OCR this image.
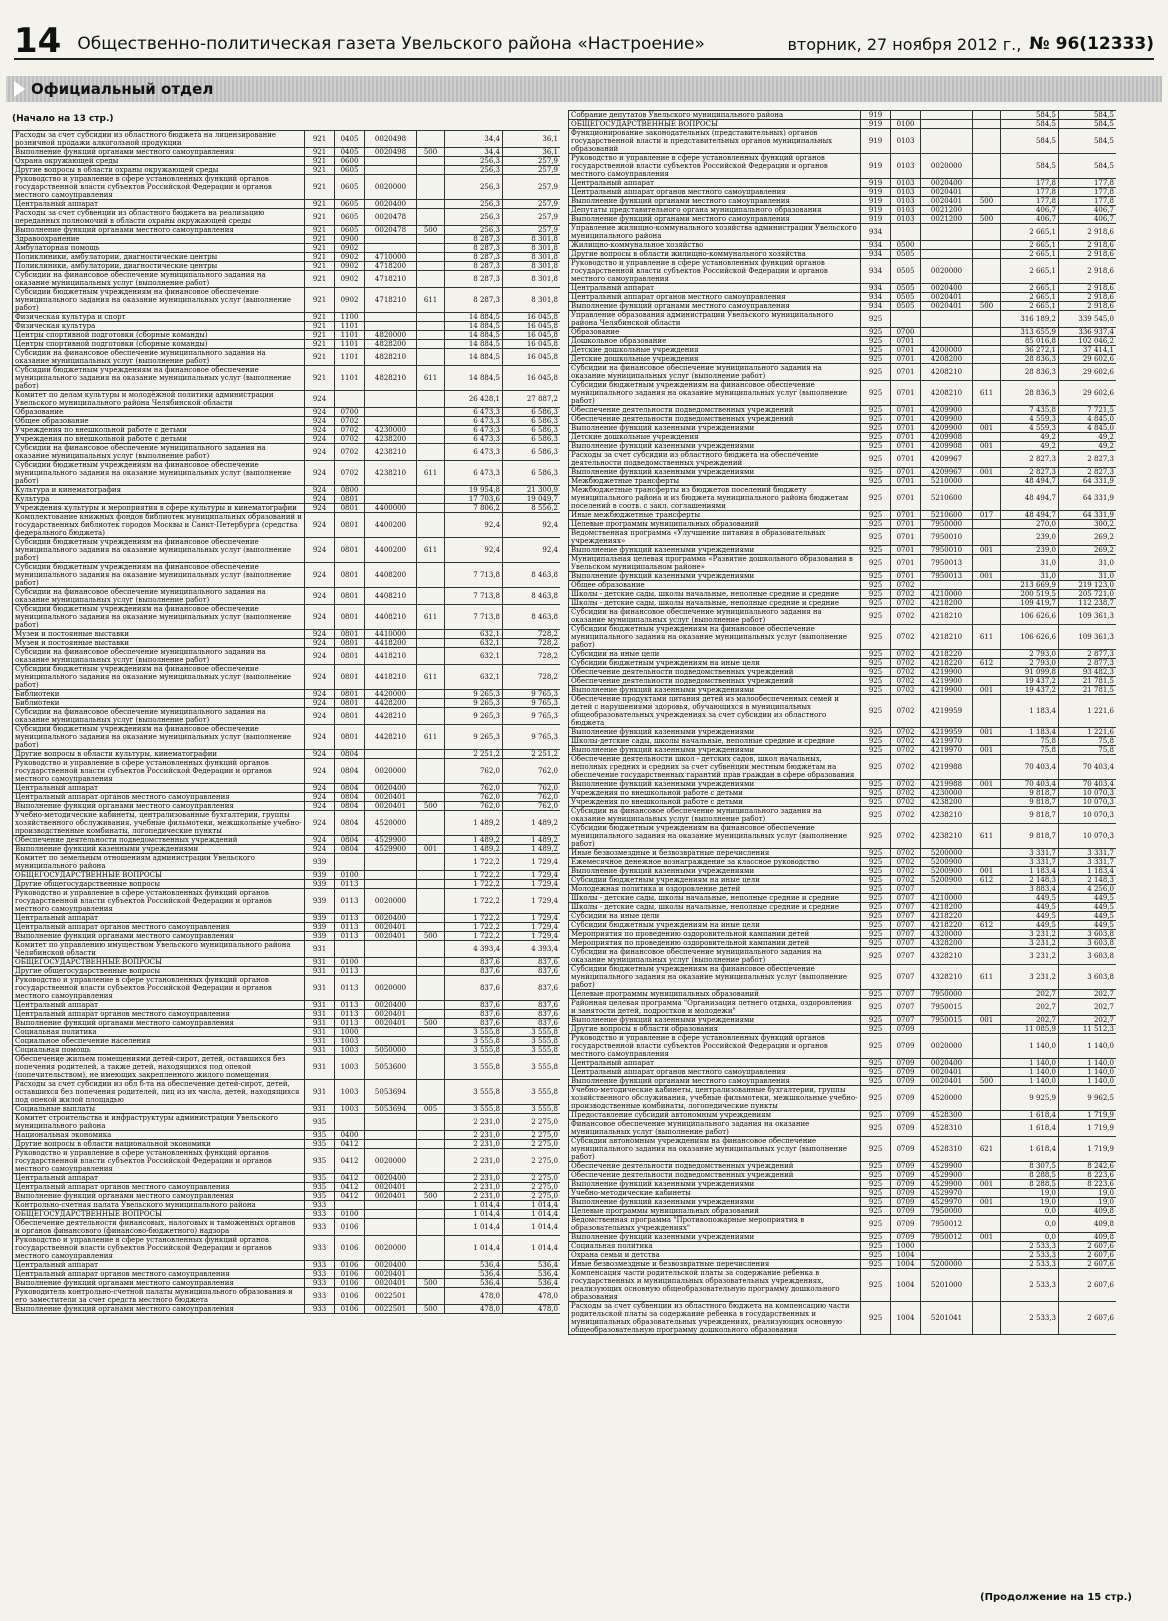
14 Общественно-политическая газета Увельского района «Настроение»	вторник, 27 ноября 2012 г., № 96(12333)
Официальный отдел
(Начало на 13 стр.)
Расходы за счет субсидии из областного бюджета на лицензирование розничной продажи алкогольной продукции	921	0405	0020498		34,4	36,1
Выполнение функций органами местного самоуправления	921	0405	0020498	500	34,4	36,1
Охрана окружающей среды	921	0600			256,3	257,9
Другие вопросы в области охраны окружающей среды	921	0605			256,3	257,9
Руководство и управление в сфере установленных функций органов государственной власти субъектов Российской Федерации и органов местного самоуправления	921	0605	0020000		256,3	257,9
Центральный аппарат	921	0605	0020400		256,3	257,9
Расходы за счет субвенции из областного бюджета на реализацию переданных полномочий в области охраны окружающей среды	921	0605	0020478		256,3	257,9
Выполнение функций органами местного самоуправления	921	0605	0020478	500	256,3	257,9
Здравоохранение	921	0900			8 287,3	8 301,8
Амбулаторная помощь	921	0902			8 287,3	8 301,8
Поликлиники, амбулатории, диагностические центры	921	0902	4710000		8 287,3	8 301,8
Поликлиники, амбулатории, диагностические центры	921	0902	4718200		8 287,3	8 301,8
Субсидии на финансовое обеспечение муниципального задания на оказание муниципальных услуг (выполнение работ)	921	0902	4718210		8 287,3	8 301,8
Субсидии бюджетным учреждениям на финансовое обеспечение муниципального задания на оказание муниципальных услуг (выполнение работ)	921	0902	4718210	611	8 287,3	8 301,8
Физическая культура и спорт	921	1100			14 884,5	16 045,8
Физическая культура	921	1101			14 884,5	16 045,8
Центры спортивной подготовки (сборные команды)	921	1101	4820000		14 884,5	16 045,8
Центры спортивной подготовки (сборные команды)	921	1101	4828200		14 884,5	16 045,8
Субсидии на финансовое обеспечение муниципального задания на оказание муниципальных услуг (выполнение работ)	921	1101	4828210		14 884,5	16 045,8
Субсидии бюджетным учреждениям на финансовое обеспечение муниципального задания на оказание муниципальных услуг (выполнение работ)	921	1101	4828210	611	14 884,5	16 045,8
Комитет по делам культуры и молодёжной политики администрации Увельского муниципального района Челябинской области	924				26 428,1	27 887,2
Образование	924	0700			6 473,3	6 586,3
Общее образование	924	0702			6 473,3	6 586,3
Учреждения по внешкольной работе с детьми	924	0702	4230000		6 473,3	6 586,3
Учреждения по внешкольной работе с детьми	924	0702	4238200		6 473,3	6 586,3
Субсидии на финансовое обеспечение муниципального задания на оказание муниципальных услуг (выполнение работ)	924	0702	4238210		6 473,3	6 586,3
Субсидии бюджетным учреждениям на финансовое обеспечение муниципального задания на оказание муниципальных услуг (выполнение работ)	924	0702	4238210	611	6 473,3	6 586,3
Культура и кинематография	924	0800			19 954,8	21 300,9
Культура	924	0801			17 703,6	19 049,7
Учреждения культуры и мероприятия в сфере культуры и кинематографии	924	0801	4400000		7 806,2	8 556,2
Комплектование книжных фондов библиотек муниципальных образований и государственных библиотек городов Москвы и Санкт-Петербурга (средства федерального бюджета)	924	0801	4400200		92,4	92,4
Субсидии бюджетным учреждениям на финансовое обеспечение муниципального задания на оказание муниципальных услуг (выполнение работ)	924	0801	4400200	611	92,4	92,4
Субсидии бюджетным учреждениям на финансовое обеспечение муниципального задания на оказание муниципальных услуг (выполнение работ)	924	0801	4408200		7 713,8	8 463,8
Субсидии на финансовое обеспечение муниципального задания на оказание муниципальных услуг (выполнение работ)	924	0801	4408210		7 713,8	8 463,8
Субсидии бюджетным учреждениям на финансовое обеспечение муниципального задания на оказание муниципальных услуг (выполнение работ)	924	0801	4408210	611	7 713,8	8 463,8
Музеи и постоянные выставки	924	0801	4410000		632,1	728,2
Музеи и постоянные выставки	924	0801	4418200		632,1	728,2
Субсидии на финансовое обеспечение муниципального задания на оказание муниципальных услуг (выполнение работ)	924	0801	4418210		632,1	728,2
Субсидии бюджетным учреждениям на финансовое обеспечение муниципального задания на оказание муниципальных услуг (выполнение работ)	924	0801	4418210	611	632,1	728,2
Библиотеки	924	0801	4420000		9 265,3	9 765,3
Библиотеки	924	0801	4428200		9 265,3	9 765,3
Субсидии на финансовое обеспечение муниципального задания на оказание муниципальных услуг (выполнение работ)	924	0801	4428210		9 265,3	9 765,3
Субсидии бюджетным учреждениям на финансовое обеспечение муниципального задания на оказание муниципальных услуг (выполнение работ)	924	0801	4428210	611	9 265,3	9 765,3
Другие вопросы в области культуры, кинематографии	924	0804			2 251,2	2 251,2
Руководство и управление в сфере установленных функций органов государственной власти субъектов Российской Федерации и органов местного самоуправления	924	0804	0020000		762,0	762,0
Центральный аппарат	924	0804	0020400		762,0	762,0
Центральный аппарат органов местного самоуправления	924	0804	0020401		762,0	762,0
Выполнение функций органами местного самоуправления	924	0804	0020401	500	762,0	762,0
Учебно-методические кабинеты, централизованные бухгалтерии, группы хозяйственного обслуживания, учебные фильмотеки, межшкольные учебно-производственные комбинаты, логопедические пункты	924	0804	4520000		1 489,2	1 489,2
Обеспечение деятельности подведомственных учреждений	924	0804	4529900		1 489,2	1 489,2
Выполнение функций казенными учреждениями	924	0804	4529900	001	1 489,2	1 489,2
Комитет по земельным отношениям администрации Увельского муниципального района	939				1 722,2	1 729,4
ОБЩЕГОСУДАРСТВЕННЫЕ ВОПРОСЫ	939	0100			1 722,2	1 729,4
Другие общегосударственные вопросы	939	0113			1 722,2	1 729,4
Руководство и управление в сфере установленных функций органов государственной власти субъектов Российской Федерации и органов местного самоуправления	939	0113	0020000		1 722,2	1 729,4
Центральный аппарат	939	0113	0020400		1 722,2	1 729,4
Центральный аппарат органов местного самоуправления	939	0113	0020401		1 722,2	1 729,4
Выполнение функций органами местного самоуправления	939	0113	0020401	500	1 722,2	1 729,4
Комитет по управлению имуществом Увельского муниципального района Челябинской области	931				4 393,4	4 393,4
ОБЩЕГОСУДАРСТВЕННЫЕ ВОПРОСЫ	931	0100			837,6	837,6
Другие общегосударственные вопросы	931	0113			837,6	837,6
Руководство и управление в сфере установленных функций органов государственной власти субъектов Российской Федерации и органов местного самоуправления	931	0113	0020000		837,6	837,6
Центральный аппарат	931	0113	0020400		837,6	837,6
Центральный аппарат органов местного самоуправления	931	0113	0020401		837,6	837,6
Выполнение функций органами местного самоуправления	931	0113	0020401	500	837,6	837,6
Социальная политика	931	1000			3 555,8	3 555,8
Социальное обеспечение населения	931	1003			3 555,8	3 555,8
Социальная помощь	931	1003	5050000		3 555,8	3 555,8
Обеспечение жильем помещениями детей-сирот, детей, оставшихся без попечения родителей, а также детей, находящихся под опекой (попечительством), не имеющих закрепленного жилого помещения	931	1003	5053600		3 555,8	3 555,8
Расходы за счет субсидии из обл б-та на обеспечение детей-сирот, детей, оставшихся без попечения родителей, лиц из их числа, детей, находящихся под опекой жилой площадью	931	1003	5053694		3 555,8	3 555,8
Социальные выплаты	931	1003	5053694	005	3 555,8	3 555,8
Комитет строительства и инфраструктуры администрации Увельского муниципального района	935				2 231,0	2 275,0
Национальная экономика	935	0400			2 231,0	2 275,0
Другие вопросы в области национальной экономики	935	0412			2 231,0	2 275,0
Руководство и управление в сфере установленных функций органов государственной власти субъектов Российской Федерации и органов местного самоуправления	935	0412	0020000		2 231,0	2 275,0
Центральный аппарат	935	0412	0020400		2 231,0	2 275,0
Центральный аппарат органов местного самоуправления	935	0412	0020401		2 231,0	2 275,0
Выполнение функций органами местного самоуправления	935	0412	0020401	500	2 231,0	2 275,0
Контрольно-счетная палата Увельского муниципального района	933				1 014,4	1 014,4
ОБЩЕГОСУДАРСТВЕННЫЕ ВОПРОСЫ	933	0100			1 014,4	1 014,4
Обеспечение деятельности финансовых, налоговых и таможенных органов и органов финансового (финансово-бюджетного) надзора	933	0106			1 014,4	1 014,4
Руководство и управление в сфере установленных функций органов государственной власти субъектов Российской Федерации и органов местного самоуправления	933	0106	0020000		1 014,4	1 014,4
Центральный аппарат	933	0106	0020400		536,4	536,4
Центральный аппарат органов местного самоуправления	933	0106	0020401		536,4	536,4
Выполнение функций органами местного самоуправления	933	0106	0020401	500	536,4	536,4
Руководитель контрольно-счетной палаты муниципального образования и его заместители за счет средств местного бюджета	933	0106	0022501		478,0	478,0
Выполнение функций органами местного самоуправления	933	0106	0022501	500	478,0	478,0
Собрание депутатов Увельского муниципального района	919				584,5	584,5
ОБЩЕГОСУДАРСТВЕННЫЕ ВОПРОСЫ	919	0100			584,5	584,5
Функционирование законодательных (представительных) органов государственной власти и представительных органов муниципальных образований	919	0103			584,5	584,5
Руководство и управление в сфере установленных функций органов государственной власти субъектов Российской Федерации и органов местного самоуправления	919	0103	0020000		584,5	584,5
Центральный аппарат	919	0103	0020400		177,8	177,8
Центральный аппарат органов местного самоуправления	919	0103	0020401		177,8	177,8
Выполнение функций органами местного самоуправления	919	0103	0020401	500	177,8	177,8
Депутаты представительного органа муниципального образования	919	0103	0021200		406,7	406,7
Выполнение функций органами местного самоуправления	919	0103	0021200	500	406,7	406,7
Управление жилищно-коммунального хозяйства администрации Увельского муниципального района	934				2 665,1	2 918,6
Жилищно-коммунальное хозяйство	934	0500			2 665,1	2 918,6
Другие вопросы в области жилищно-коммунального хозяйства	934	0505			2 665,1	2 918,6
Руководство и управление в сфере установленных функций органов государственной власти субъектов Российской Федерации и органов местного самоуправления	934	0505	0020000		2 665,1	2 918,6
Центральный аппарат	934	0505	0020400		2 665,1	2 918,6
Центральный аппарат органов местного самоуправления	934	0505	0020401		2 665,1	2 918,6
Выполнение функций органами местного самоуправления	934	0505	0020401	500	2 665,1	2 918,6
Управление образования администрации Увельского муниципального района Челябинской области	925				316 189,2	339 545,0
Образование	925	0700			313 655,9	336 937,4
Дошкольное образование	925	0701			85 016,8	102 046,2
Детские дошкольные учреждения	925	0701	4200000		36 272,1	37 414,1
Детские дошкольные учреждения	925	0701	4208200		28 836,3	29 602,6
Субсидии на финансовое обеспечение муниципального задания на оказание муниципальных услуг (выполнение работ)	925	0701	4208210		28 836,3	29 602,6
Субсидии бюджетным учреждениям на финансовое обеспечение муниципального задания на оказание муниципальных услуг (выполнение работ)	925	0701	4208210	611	28 836,3	29 602,6
Обеспечение деятельности подведомственных учреждений	925	0701	4209900		7 435,8	7 721,5
Обеспечение деятельности подведомственных учреждений	925	0701	4209900		4 559,3	4 845,0
Выполнение функций казенными учреждениями	925	0701	4209900	001	4 559,3	4 845,0
Детские дошкольные учреждения	925	0701	4209908		49,2	49,2
Выполнение функций казенными учреждениями	925	0701	4209908	001	49,2	49,2
Расходы за счет субсидии из областного бюджета на обеспечение деятельности подведомственных учреждений	925	0701	4209967		2 827,3	2 827,3
Выполнение функций казенными учреждениями	925	0701	4209967	001	2 827,3	2 827,3
Межбюджетные трансферты	925	0701	5210000		48 494,7	64 331,9
Межбюджетные трансферты из бюджетов поселений бюджету муниципального района и из бюджета муниципального района бюджетам поселений в соотв. с закл. соглашениями	925	0701	5210600		48 494,7	64 331,9
Иные межбюджетные трансферты	925	0701	5210600	017	48 494,7	64 331,9
Целевые программы муниципальных образований	925	0701	7950000		270,0	300,2
Ведомственная программа «Улучшение питания в образовательных учреждениях»	925	0701	7950010		239,0	269,2
Выполнение функций казенными учреждениями	925	0701	7950010	001	239,0	269,2
Муниципальная целевая программа «Развитие дошкольного образования в Увельском муниципальном районе»	925	0701	7950013		31,0	31,0
Выполнение функций казенными учреждениями	925	0701	7950013	001	31,0	31,0
Общее образование	925	0702			213 669,9	219 123,0
Школы - детские сады, школы начальные, неполные средние и средние	925	0702	4210000		200 519,5	205 721,0
Школы - детские сады, школы начальные, неполные средние и средние	925	0702	4218200		109 419,7	112 238,7
Субсидии на финансовое обеспечение муниципального задания на оказание муниципальных услуг (выполнение работ)	925	0702	4218210		106 626,6	109 361,3
Субсидии бюджетным учреждениям на финансовое обеспечение муниципального задания на оказание муниципальных услуг (выполнение работ)	925	0702	4218210	611	106 626,6	109 361,3
Субсидии на иные цели	925	0702	4218220		2 793,0	2 877,3
Субсидии бюджетным учреждениям на иные цели	925	0702	4218220	612	2 793,0	2 877,3
Обеспечение деятельности подведомственных учреждений	925	0702	4219900		91 099,8	93 482,3
Обеспечение деятельности подведомственных учреждений	925	0702	4219900		19 437,2	21 781,5
Выполнение функций казенными учреждениями	925	0702	4219900	001	19 437,2	21 781,5
Обеспечение продуктами питания детей из малообеспеченных семей и детей с нарушениями здоровья, обучающихся в муниципальных общеобразовательных учреждениях за счет субсидии из областного бюджета	925	0702	4219959		1 183,4	1 221,6
Выполнение функций казенными учреждениями	925	0702	4219959	001	1 183,4	1 221,6
Школы-детские сады, школы начальные, неполные средние и средние	925	0702	4219970		75,8	75,8
Выполнение функций казенными учреждениями	925	0702	4219970	001	75,8	75,8
Обеспечение деятельности школ - детских садов, школ начальных, неполных средних и средних за счет субвенции местным бюджетам на обеспечение государственных гарантий прав граждан в сфере образования	925	0702	4219988		70 403,4	70 403,4
Выполнение функций казенными учреждениями	925	0702	4219988	001	70 403,4	70 403,4
Учреждения по внешкольной работе с детьми	925	0702	4230000		9 818,7	10 070,3
Учреждения по внешкольной работе с детьми	925	0702	4238200		9 818,7	10 070,3
Субсидии на финансовое обеспечение муниципального задания на оказание муниципальных услуг (выполнение работ)	925	0702	4238210		9 818,7	10 070,3
Субсидии бюджетным учреждениям на финансовое обеспечение муниципального задания на оказание муниципальных услуг (выполнение работ)	925	0702	4238210	611	9 818,7	10 070,3
Иные безвозмездные и безвозвратные перечисления	925	0702	5200000		3 331,7	3 331,7
Ежемесячное денежное вознаграждение за классное руководство	925	0702	5200900		3 331,7	3 331,7
Выполнение функций казенными учреждениями	925	0702	5200900	001	1 183,4	1 183,4
Субсидии бюджетным учреждениям на иные цели	925	0702	5200900	612	2 148,3	2 148,3
Молодежная политика и оздоровление детей	925	0707			3 883,4	4 256,0
Школы - детские сады, школы начальные, неполные средние и средние	925	0707	4210000		449,5	449,5
Школы - детские сады, школы начальные, неполные средние и средние	925	0707	4218200		449,5	449,5
Субсидии на иные цели	925	0707	4218220		449,5	449,5
Субсидии бюджетным учреждениям на иные цели	925	0707	4218220	612	449,5	449,5
Мероприятия по проведению оздоровительной кампании детей	925	0707	4320000		3 231,2	3 603,8
Мероприятия по проведению оздоровительной кампании детей	925	0707	4328200		3 231,2	3 603,8
Субсидии на финансовое обеспечение муниципального задания на оказание муниципальных услуг (выполнение работ)	925	0707	4328210		3 231,2	3 603,8
Субсидии бюджетным учреждениям на финансовое обеспечение муниципального задания на оказание муниципальных услуг (выполнение работ)	925	0707	4328210	611	3 231,2	3 603,8
Целевые программы муниципальных образований	925	0707	7950000		202,7	202,7
Районная целевая программа "Организация летнего отдыха, оздоровления и занятости детей, подростков и молодежи"	925	0707	7950015		202,7	202,7
Выполнение функций казенными учреждениями	925	0707	7950015	001	202,7	202,7
Другие вопросы в области образования	925	0709			11 085,9	11 512,3
Руководство и управление в сфере установленных функций органов государственной власти субъектов Российской Федерации и органов местного самоуправления	925	0709	0020000		1 140,0	1 140,0
Центральный аппарат	925	0709	0020400		1 140,0	1 140,0
Центральный аппарат органов местного самоуправления	925	0709	0020401		1 140,0	1 140,0
Выполнение функций органами местного самоуправления	925	0709	0020401	500	1 140,0	1 140,0
Учебно-методические кабинеты, централизованные бухгалтерии, группы хозяйственного обслуживания, учебные фильмотеки, межшкольные учебно-производственные комбинаты, логопедические пункты	925	0709	4520000		9 925,9	9 962,5
Предоставление субсидий автономным учреждениям	925	0709	4528300		1 618,4	1 719,9
Финансовое обеспечение муниципального задания на оказание муниципальных услуг (выполнение работ)	925	0709	4528310		1 618,4	1 719,9
Субсидии автономным учреждениям на финансовое обеспечение муниципального задания на оказание муниципальных услуг (выполнение работ)	925	0709	4528310	621	1 618,4	1 719,9
Обеспечение деятельности подведомственных учреждений	925	0709	4529900		8 307,5	8 242,6
Обеспечение деятельности подведомственных учреждений	925	0709	4529900		8 288,5	8 223,6
Выполнение функций казенными учреждениями	925	0709	4529900	001	8 288,5	8 223,6
Учебно-методические кабинеты	925	0709	4529970		19,0	19,0
Выполнение функций казенными учреждениями	925	0709	4529970	001	19,0	19,0
Целевые программы муниципальных образований	925	0709	7950000		0,0	409,8
Ведомственная программа "Противопожарные мероприятия в образовательных учреждениях"	925	0709	7950012		0,0	409,8
Выполнение функций казенными учреждениями	925	0709	7950012	001	0,0	409,8
Социальная политика	925	1000			2 533,3	2 607,6
Охрана семьи и детства	925	1004			2 533,3	2 607,6
Иные безвозмездные и безвозвратные перечисления	925	1004	5200000		2 533,3	2 607,6
Компенсация части родительской платы за содержание ребенка в государственных и муниципальных образовательных учреждениях, реализующих основную общеобразовательную программу дошкольного образования	925	1004	5201000		2 533,3	2 607,6
Расходы за счет субвенции из областного бюджета на компенсацию части родительской платы за содержание ребенка в государственных и муниципальных образовательных учреждениях, реализующих основную общеобразовательную программу дошкольного образования	925	1004	5201041		2 533,3	2 607,6
(Продолжение на 15 стр.)
